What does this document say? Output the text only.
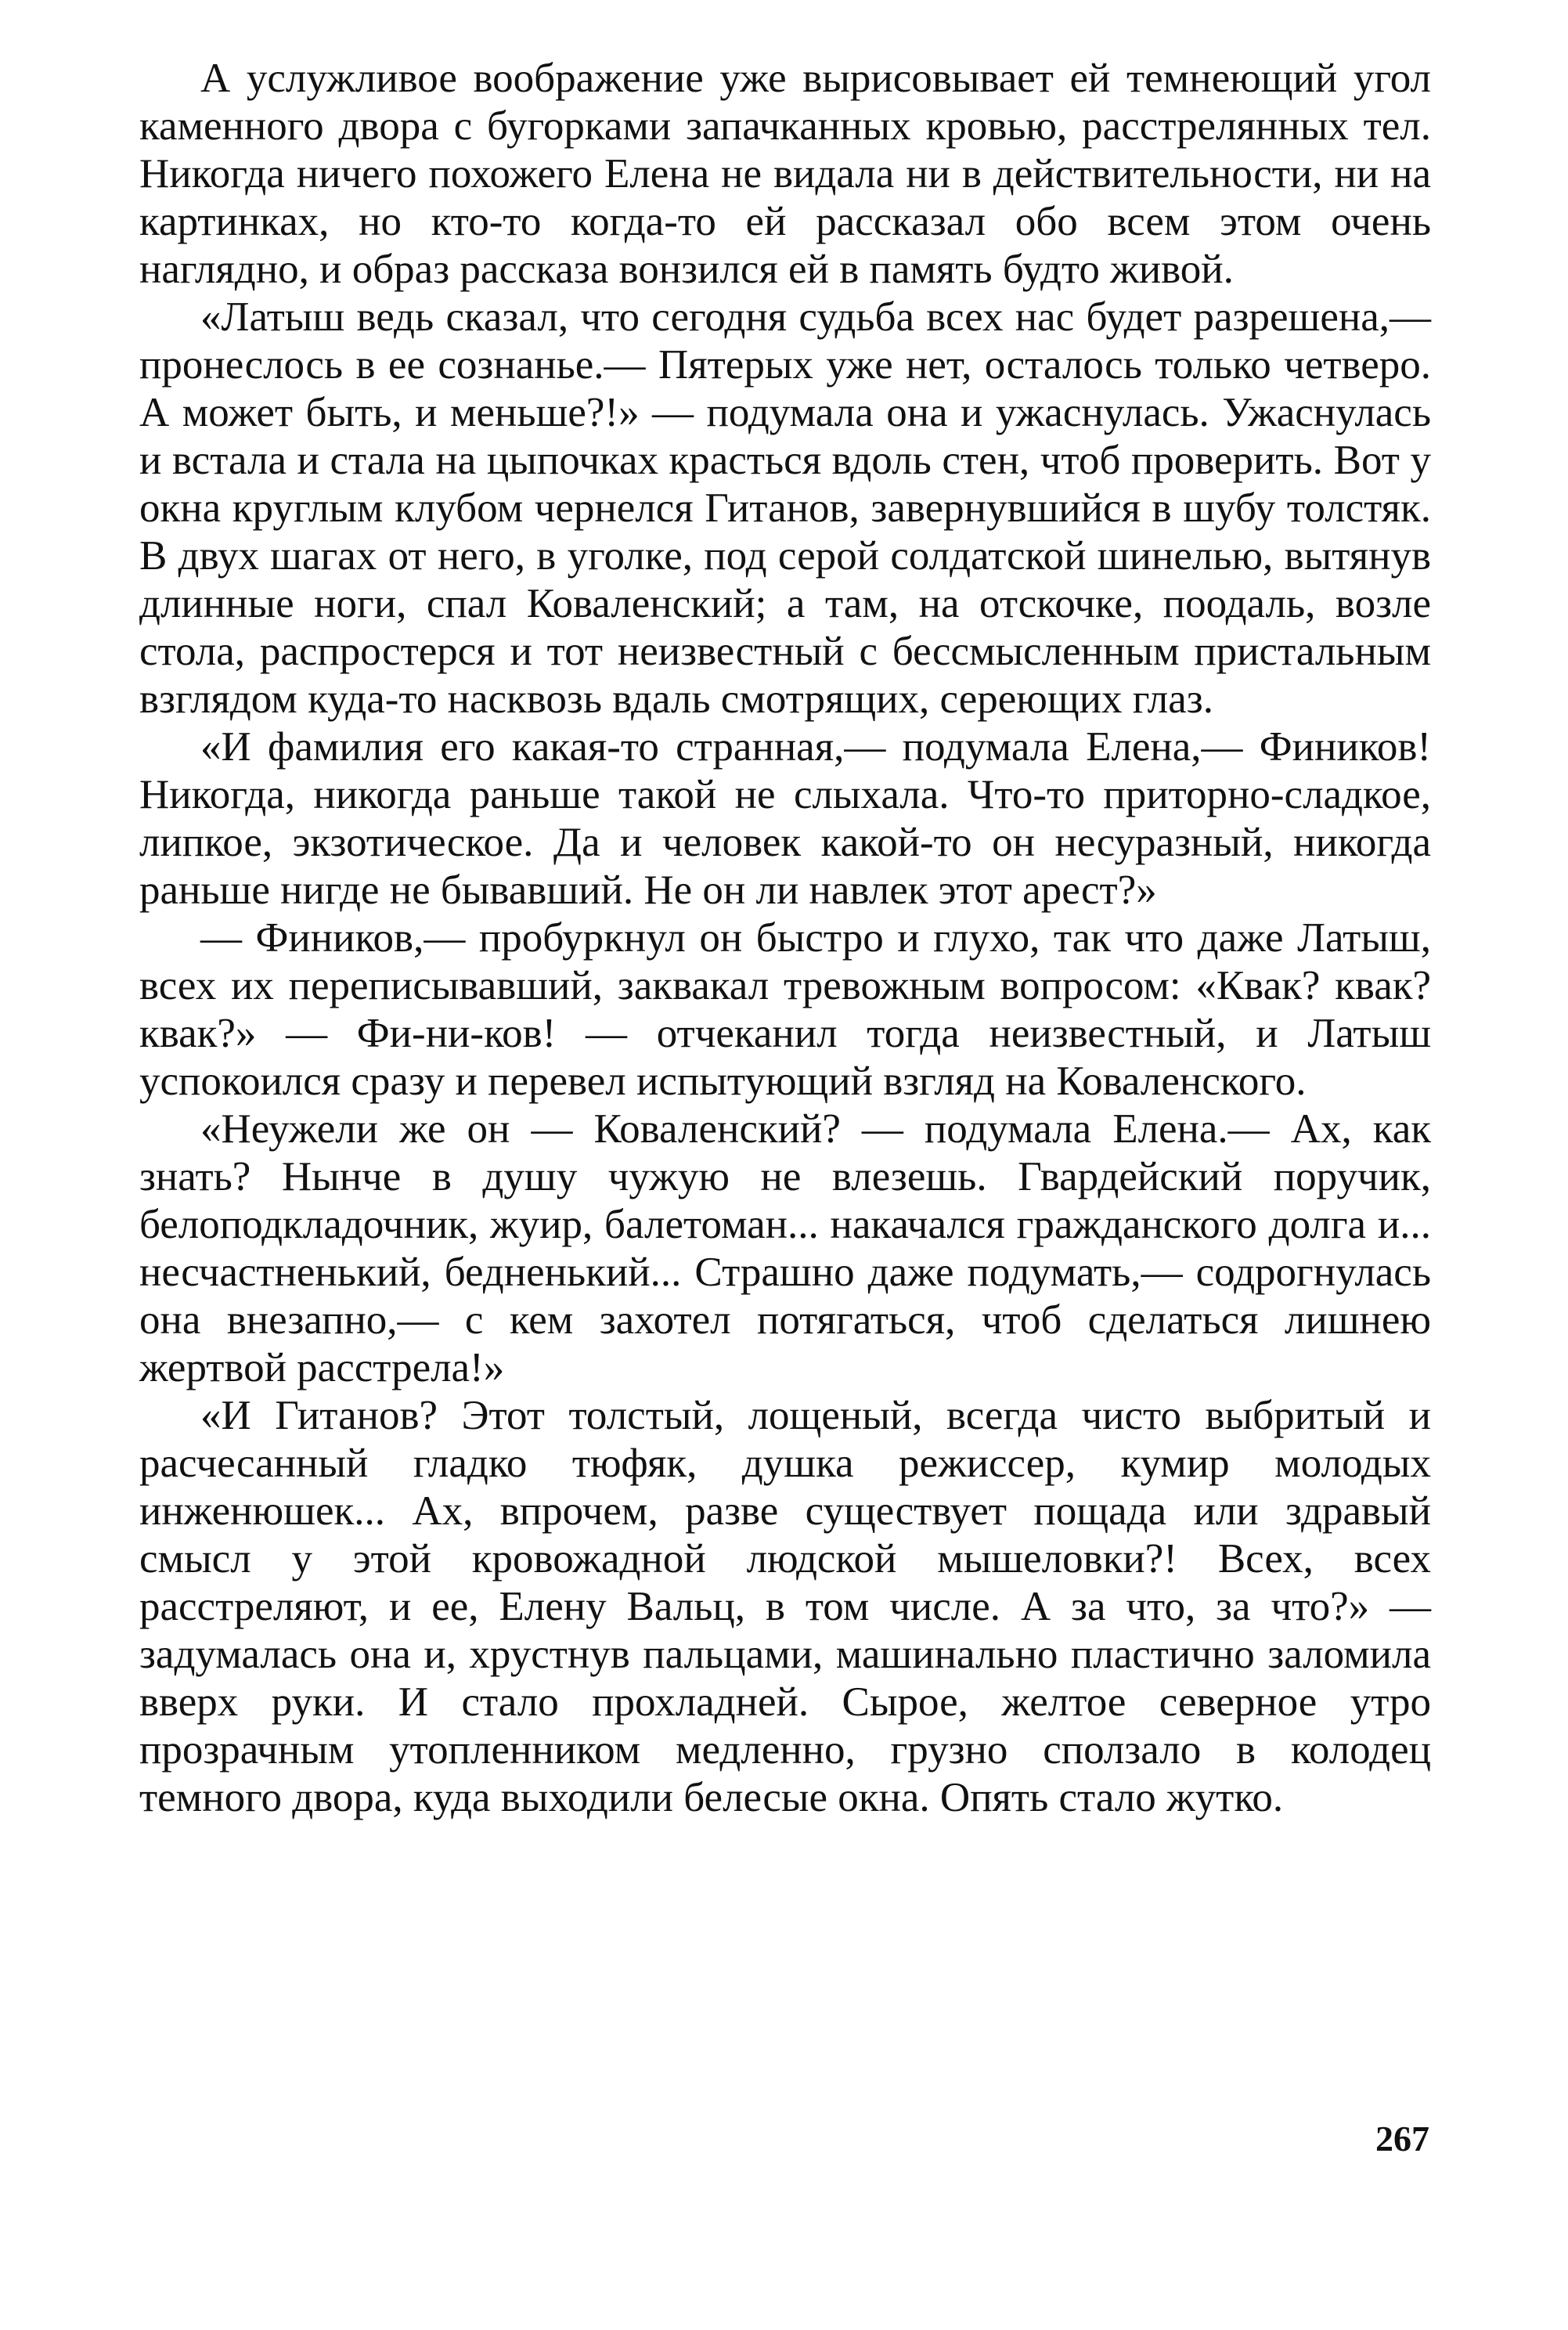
А услужливое воображение уже вырисовывает ей темнеющий угол каменного двора с бугорками запачканных кровью, расстрелянных тел. Никогда ничего похожего Елена не видала ни в действительности, ни на картинках, но кто-то когда-то ей рассказал обо всем этом очень наглядно, и образ рассказа вонзился ей в память будто живой.

«Латыш ведь сказал, что сегодня судьба всех нас будет разрешена,— пронеслось в ее сознанье.— Пятерых уже нет, осталось только четверо. А может быть, и меньше?!» — подумала она и ужаснулась. Ужаснулась и встала и стала на цыпочках красться вдоль стен, чтоб проверить. Вот у окна круглым клубом чернелся Гитанов, завернувшийся в шубу толстяк. В двух шагах от него, в уголке, под серой солдатской шинелью, вытянув длинные ноги, спал Коваленский; а там, на отскочке, поодаль, возле стола, распростерся и тот неизвестный с бессмысленным пристальным взглядом куда-то насквозь вдаль смотрящих, сереющих глаз.

«И фамилия его какая-то странная,— подумала Елена,— Фиников! Никогда, никогда раньше такой не слыхала. Что-то приторно-сладкое, липкое, экзотическое. Да и человек какой-то он несуразный, никогда раньше нигде не бывавший. Не он ли навлек этот арест?»

— Фиников,— пробуркнул он быстро и глухо, так что даже Латыш, всех их переписывавший, заквакал тревожным вопросом: «Квак? квак? квак?» — Фи-ни-ков! — отчеканил тогда неизвестный, и Латыш успокоился сразу и перевел испытующий взгляд на Коваленского.

«Неужели же он — Коваленский? — подумала Елена.— Ах, как знать? Нынче в душу чужую не влезешь. Гвардейский поручик, белоподкладочник, жуир, балетоман... накачался гражданского долга и... несчастненький, бедненький... Страшно даже подумать,— содрогнулась она внезапно,— с кем захотел потягаться, чтоб сделаться лишнею жертвой расстрела!»

«И Гитанов? Этот толстый, лощеный, всегда чисто выбритый и расчесанный гладко тюфяк, душка режиссер, кумир молодых инженюшек... Ах, впрочем, разве существует пощада или здравый смысл у этой кровожадной людской мышеловки?! Всех, всех расстреляют, и ее, Елену Вальц, в том числе. А за что, за что?» — задумалась она и, хрустнув пальцами, машинально пластично заломила вверх руки. И стало прохладней. Сырое, желтое северное утро прозрачным утопленником медленно, грузно сползало в колодец темного двора, куда выходили белесые окна. Опять стало жутко.

267
